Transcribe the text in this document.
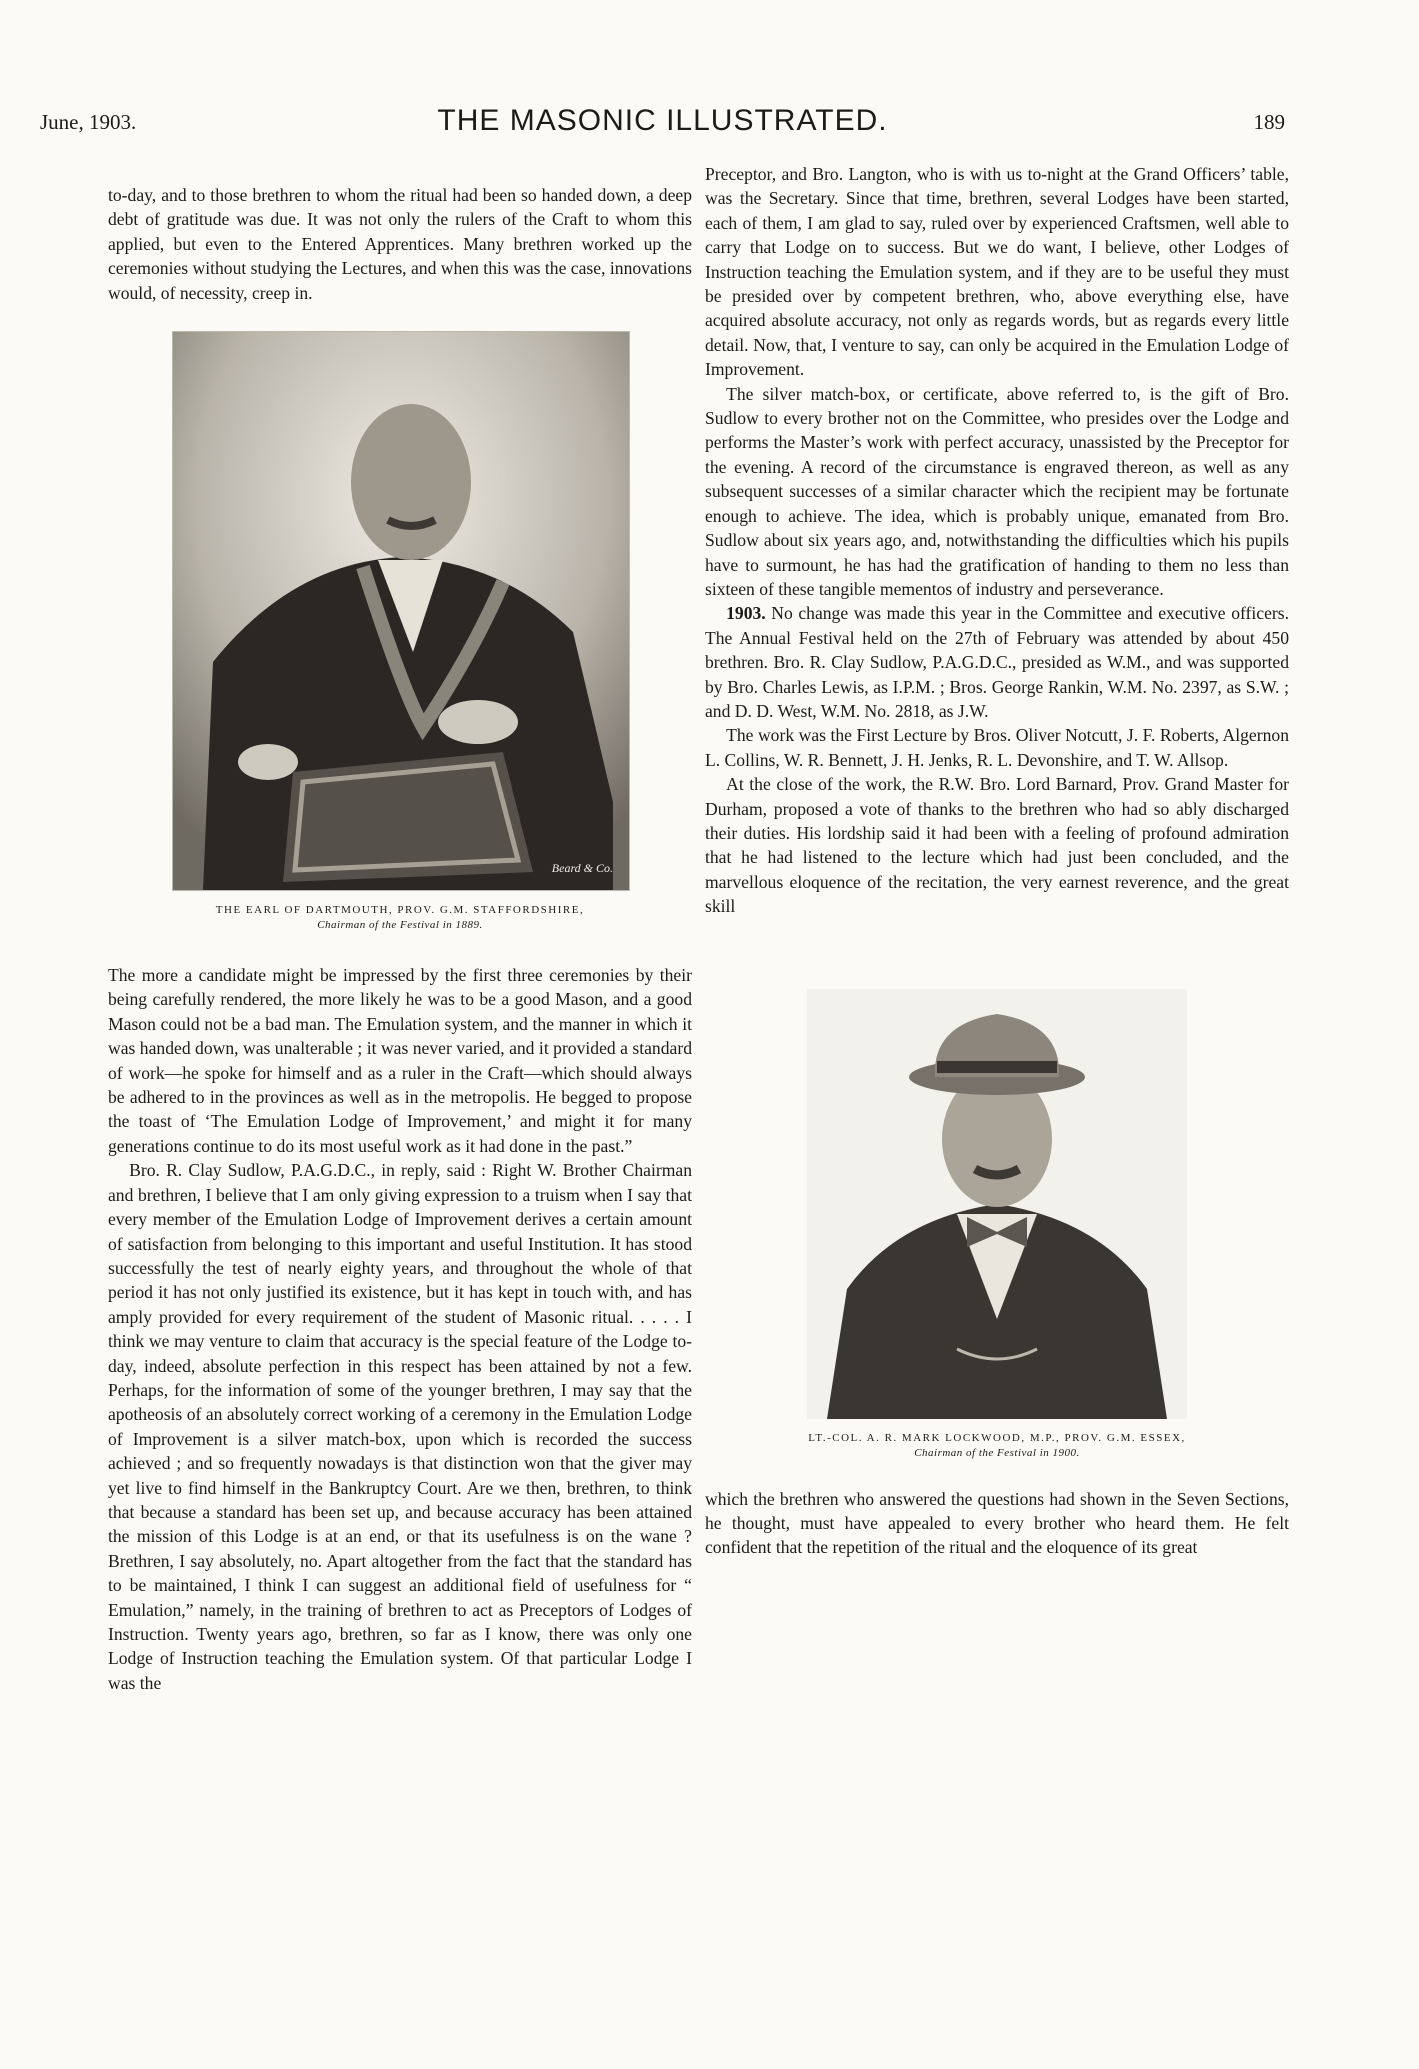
June, 1903.	THE MASONIC ILLUSTRATED.	189

to-day, and to those brethren to whom the ritual had been so handed down, a deep debt of gratitude was due. It was not only the rulers of the Craft to whom this applied, but even to the Entered Apprentices. Many brethren worked up the ceremonies without studying the Lectures, and when this was the case, innovations would, of necessity, creep in.

Beard & Co.
THE EARL OF DARTMOUTH, PROV. G.M. STAFFORDSHIRE,
Chairman of the Festival in 1889.

The more a candidate might be impressed by the first three ceremonies by their being carefully rendered, the more likely he was to be a good Mason, and a good Mason could not be a bad man. The Emulation system, and the manner in which it was handed down, was unalterable ; it was never varied, and it provided a standard of work—he spoke for himself and as a ruler in the Craft—which should always be adhered to in the provinces as well as in the metropolis. He begged to propose the toast of ‘The Emulation Lodge of Improvement,’ and might it for many generations continue to do its most useful work as it had done in the past.”

Bro. R. Clay Sudlow, P.A.G.D.C., in reply, said : Right W. Brother Chairman and brethren, I believe that I am only giving expression to a truism when I say that every member of the Emulation Lodge of Improvement derives a certain amount of satisfaction from belonging to this important and useful Institution. It has stood successfully the test of nearly eighty years, and throughout the whole of that period it has not only justified its existence, but it has kept in touch with, and has amply provided for every requirement of the student of Masonic ritual. . . . . I think we may venture to claim that accuracy is the special feature of the Lodge to-day, indeed, absolute perfection in this respect has been attained by not a few. Perhaps, for the information of some of the younger brethren, I may say that the apotheosis of an absolutely correct working of a ceremony in the Emulation Lodge of Improvement is a silver match-box, upon which is recorded the success achieved ; and so frequently nowadays is that distinction won that the giver may yet live to find himself in the Bankruptcy Court. Are we then, brethren, to think that because a standard has been set up, and because accuracy has been attained the mission of this Lodge is at an end, or that its usefulness is on the wane ? Brethren, I say absolutely, no. Apart altogether from the fact that the standard has to be maintained, I think I can suggest an additional field of usefulness for “ Emulation,” namely, in the training of brethren to act as Preceptors of Lodges of Instruction. Twenty years ago, brethren, so far as I know, there was only one Lodge of Instruction teaching the Emulation system. Of that particular Lodge I was the

Preceptor, and Bro. Langton, who is with us to-night at the Grand Officers’ table, was the Secretary. Since that time, brethren, several Lodges have been started, each of them, I am glad to say, ruled over by experienced Craftsmen, well able to carry that Lodge on to success. But we do want, I believe, other Lodges of Instruction teaching the Emulation system, and if they are to be useful they must be presided over by competent brethren, who, above everything else, have acquired absolute accuracy, not only as regards words, but as regards every little detail. Now, that, I venture to say, can only be acquired in the Emulation Lodge of Improvement.

The silver match-box, or certificate, above referred to, is the gift of Bro. Sudlow to every brother not on the Committee, who presides over the Lodge and performs the Master’s work with perfect accuracy, unassisted by the Preceptor for the evening. A record of the circumstance is engraved thereon, as well as any subsequent successes of a similar character which the recipient may be fortunate enough to achieve. The idea, which is probably unique, emanated from Bro. Sudlow about six years ago, and, notwithstanding the difficulties which his pupils have to surmount, he has had the gratification of handing to them no less than sixteen of these tangible mementos of industry and perseverance.

1903. No change was made this year in the Committee and executive officers. The Annual Festival held on the 27th of February was attended by about 450 brethren. Bro. R. Clay Sudlow, P.A.G.D.C., presided as W.M., and was supported by Bro. Charles Lewis, as I.P.M. ; Bros. George Rankin, W.M. No. 2397, as S.W. ; and D. D. West, W.M. No. 2818, as J.W.

The work was the First Lecture by Bros. Oliver Notcutt, J. F. Roberts, Algernon L. Collins, W. R. Bennett, J. H. Jenks, R. L. Devonshire, and T. W. Allsop.

At the close of the work, the R.W. Bro. Lord Barnard, Prov. Grand Master for Durham, proposed a vote of thanks to the brethren who had so ably discharged their duties. His lordship said it had been with a feeling of profound admiration that he had listened to the lecture which had just been concluded, and the marvellous eloquence of the recitation, the very earnest reverence, and the great skill

LT.-COL. A. R. MARK LOCKWOOD, M.P., PROV. G.M. ESSEX,
Chairman of the Festival in 1900.

which the brethren who answered the questions had shown in the Seven Sections, he thought, must have appealed to every brother who heard them. He felt confident that the repetition of the ritual and the eloquence of its great
